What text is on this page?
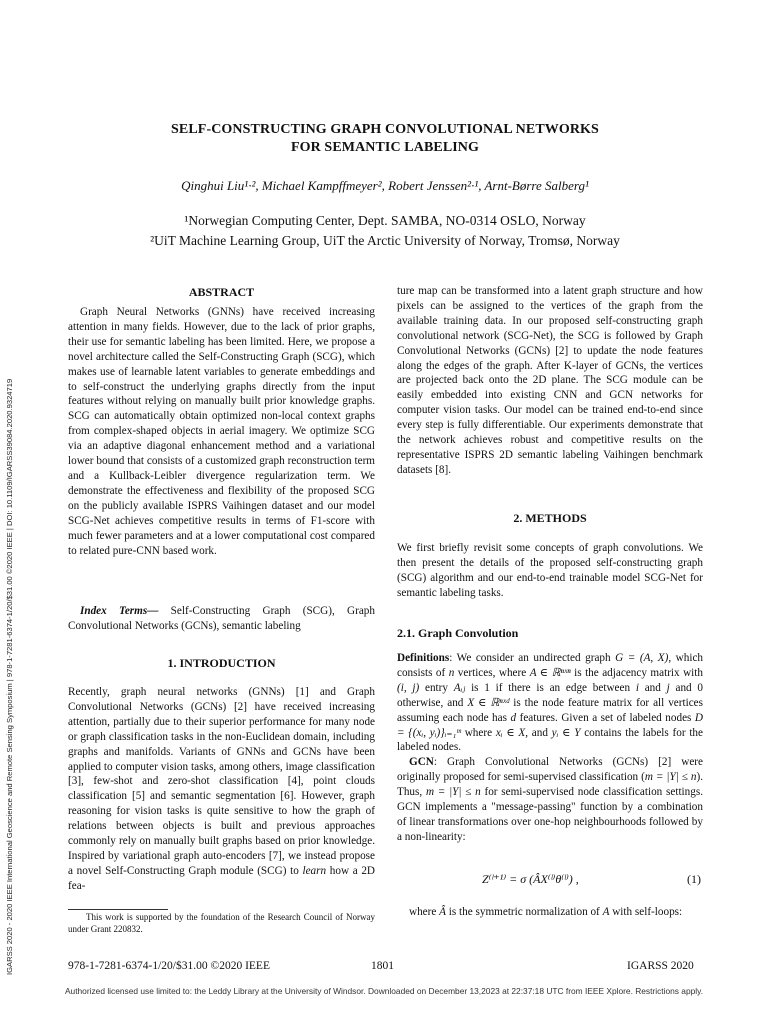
IGARSS 2020 - 2020 IEEE International Geoscience and Remote Sensing Symposium | 978-1-7281-6374-1/20/$31.00 ©2020 IEEE | DOI: 10.1109/IGARSS39084.2020.9324719
SELF-CONSTRUCTING GRAPH CONVOLUTIONAL NETWORKS
FOR SEMANTIC LABELING
Qinghui Liu¹·², Michael Kampffmeyer², Robert Jenssen²·¹, Arnt-Børre Salberg¹
¹Norwegian Computing Center, Dept. SAMBA, NO-0314 OSLO, Norway
²UiT Machine Learning Group, UiT the Arctic University of Norway, Tromsø, Norway
ABSTRACT

Graph Neural Networks (GNNs) have received increasing attention in many fields. However, due to the lack of prior graphs, their use for semantic labeling has been limited. Here, we propose a novel architecture called the Self-Constructing Graph (SCG), which makes use of learnable latent variables to generate embeddings and to self-construct the underlying graphs directly from the input features without relying on manually built prior knowledge graphs. SCG can automatically obtain optimized non-local context graphs from complex-shaped objects in aerial imagery. We optimize SCG via an adaptive diagonal enhancement method and a variational lower bound that consists of a customized graph reconstruction term and a Kullback-Leibler divergence regularization term. We demonstrate the effectiveness and flexibility of the proposed SCG on the publicly available ISPRS Vaihingen dataset and our model SCG-Net achieves competitive results in terms of F1-score with much fewer parameters and at a lower computational cost compared to related pure-CNN based work.

Index Terms— Self-Constructing Graph (SCG), Graph Convolutional Networks (GCNs), semantic labeling

1. INTRODUCTION

Recently, graph neural networks (GNNs) [1] and Graph Convolutional Networks (GCNs) [2] have received increasing attention, partially due to their superior performance for many node or graph classification tasks in the non-Euclidean domain, including graphs and manifolds. Variants of GNNs and GCNs have been applied to computer vision tasks, among others, image classification [3], few-shot and zero-shot classification [4], point clouds classification [5] and semantic segmentation [6]. However, graph reasoning for vision tasks is quite sensitive to how the graph of relations between objects is built and previous approaches commonly rely on manually built graphs based on prior knowledge. Inspired by variational graph auto-encoders [7], we instead propose a novel Self-Constructing Graph module (SCG) to learn how a 2D fea-

This work is supported by the foundation of the Research Council of Norway under Grant 220832.

ture map can be transformed into a latent graph structure and how pixels can be assigned to the vertices of the graph from the available training data. In our proposed self-constructing graph convolutional network (SCG-Net), the SCG is followed by Graph Convolutional Networks (GCNs) [2] to update the node features along the edges of the graph. After K-layer of GCNs, the vertices are projected back onto the 2D plane. The SCG module can be easily embedded into existing CNN and GCN networks for computer vision tasks. Our model can be trained end-to-end since every step is fully differentiable. Our experiments demonstrate that the network achieves robust and competitive results on the representative ISPRS 2D semantic labeling Vaihingen benchmark datasets [8].

2. METHODS

We first briefly revisit some concepts of graph convolutions. We then present the details of the proposed self-constructing graph (SCG) algorithm and our end-to-end trainable model SCG-Net for semantic labeling tasks.

2.1. Graph Convolution

Definitions: We consider an undirected graph G = (A, X), which consists of n vertices, where A ∈ ℝⁿˣⁿ is the adjacency matrix with (i, j) entry Aᵢⱼ is 1 if there is an edge between i and j and 0 otherwise, and X ∈ ℝⁿˣᵈ is the node feature matrix for all vertices assuming each node has d features. Given a set of labeled nodes D = {(xᵢ, yᵢ)}ᵢ₌₁ᵐ where xᵢ ∈ X, and yᵢ ∈ Y contains the labels for the labeled nodes.

GCN: Graph Convolutional Networks (GCNs) [2] were originally proposed for semi-supervised classification (m = |Y| ≤ n). Thus, m = |Y| ≤ n for semi-supervised node classification settings. GCN implements a "message-passing" function by a combination of linear transformations over one-hop neighbourhoods followed by a non-linearity:

Z⁽ˡ⁺¹⁾ = σ (ÂX⁽ˡ⁾θ⁽ˡ⁾) ,	(1)

where Â is the symmetric normalization of A with self-loops:

978-1-7281-6374-1/20/$31.00 ©2020 IEEE	1801	IGARSS 2020
Authorized licensed use limited to: the Leddy Library at the University of Windsor. Downloaded on December 13,2023 at 22:37:18 UTC from IEEE Xplore. Restrictions apply.
